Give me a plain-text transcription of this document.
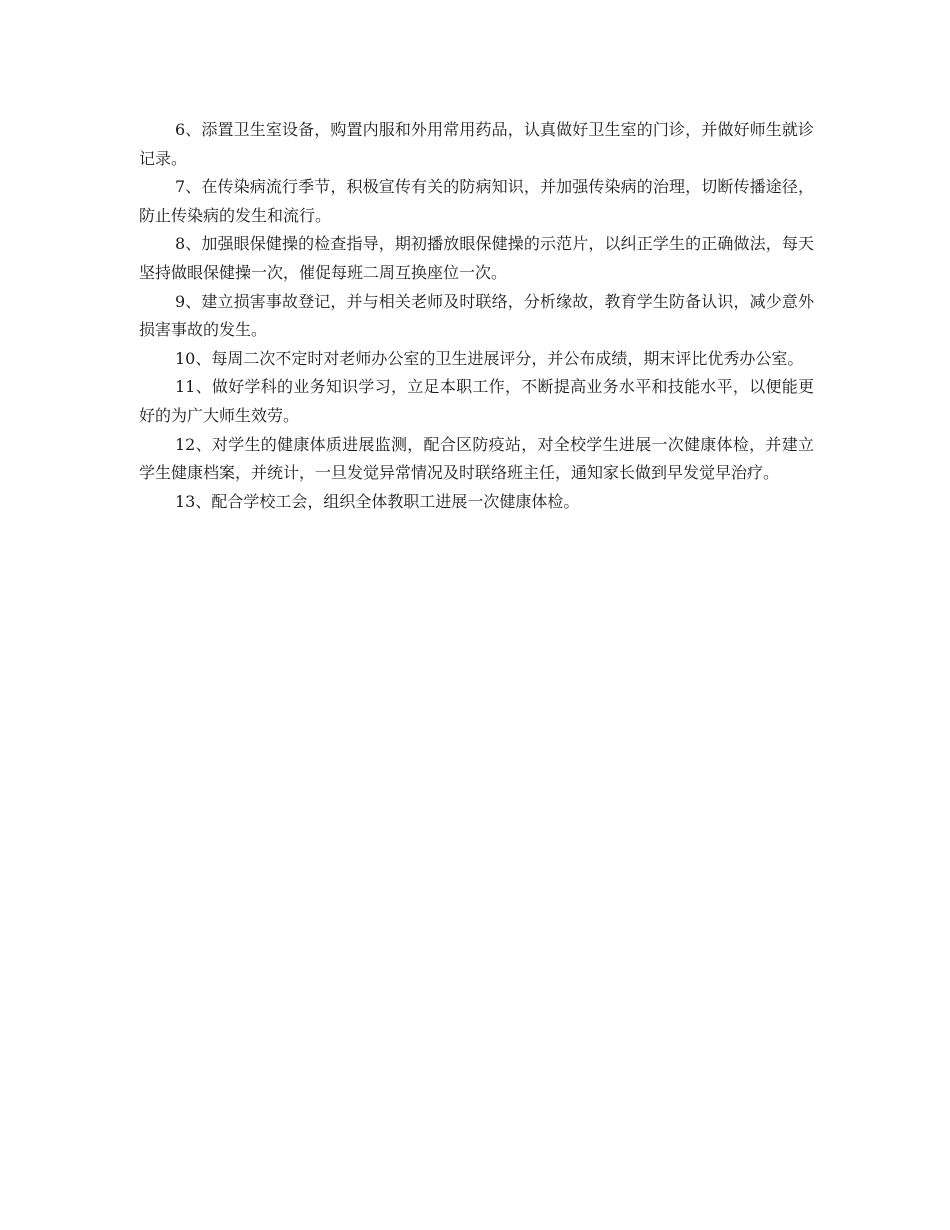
6、添置卫生室设备，购置内服和外用常用药品，认真做好卫生室的门诊，并做好师生就诊记录。

7、在传染病流行季节，积极宣传有关的防病知识，并加强传染病的治理，切断传播途径，防止传染病的发生和流行。

8、加强眼保健操的检查指导，期初播放眼保健操的示范片，以纠正学生的正确做法，每天坚持做眼保健操一次，催促每班二周互换座位一次。

9、建立损害事故登记，并与相关老师及时联络，分析缘故，教育学生防备认识，减少意外损害事故的发生。

10、每周二次不定时对老师办公室的卫生进展评分，并公布成绩，期末评比优秀办公室。

11、做好学科的业务知识学习，立足本职工作，不断提高业务水平和技能水平，以便能更好的为广大师生效劳。

12、对学生的健康体质进展监测，配合区防疫站，对全校学生进展一次健康体检，并建立学生健康档案，并统计，一旦发觉异常情况及时联络班主任，通知家长做到早发觉早治疗。

13、配合学校工会，组织全体教职工进展一次健康体检。
